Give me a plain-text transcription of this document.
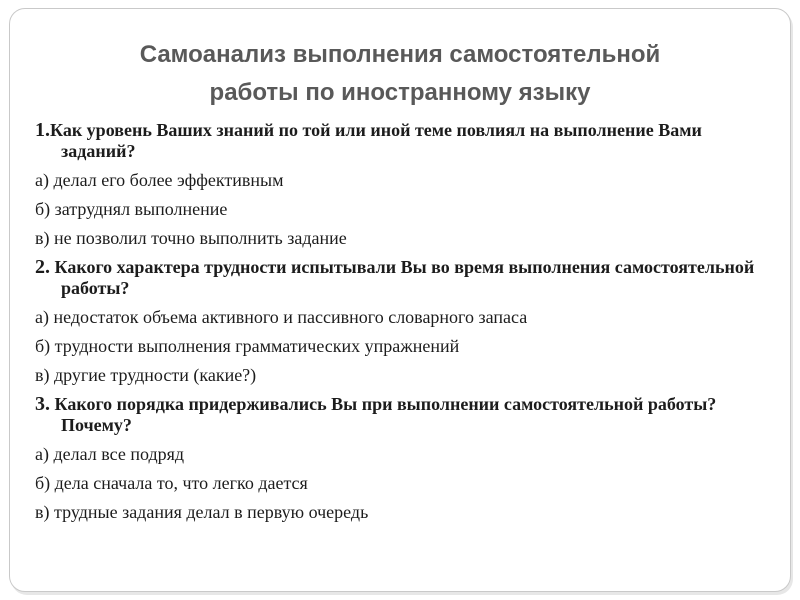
Самоанализ выполнения самостоятельной
работы по иностранному языку

1.Как уровень Ваших знаний по той или иной теме повлиял на выполнение Вами заданий?

а) делал его более эффективным

б) затруднял выполнение

в) не позволил точно выполнить задание

2. Какого характера трудности испытывали Вы во время выполнения самостоятельной работы?

а) недостаток объема активного и пассивного словарного запаса

б) трудности выполнения грамматических упражнений

в) другие трудности (какие?)

3. Какого порядка придерживались Вы при выполнении самостоятельной работы? Почему?

а) делал все подряд

б) дела сначала то, что легко дается

в) трудные задания делал в первую очередь
